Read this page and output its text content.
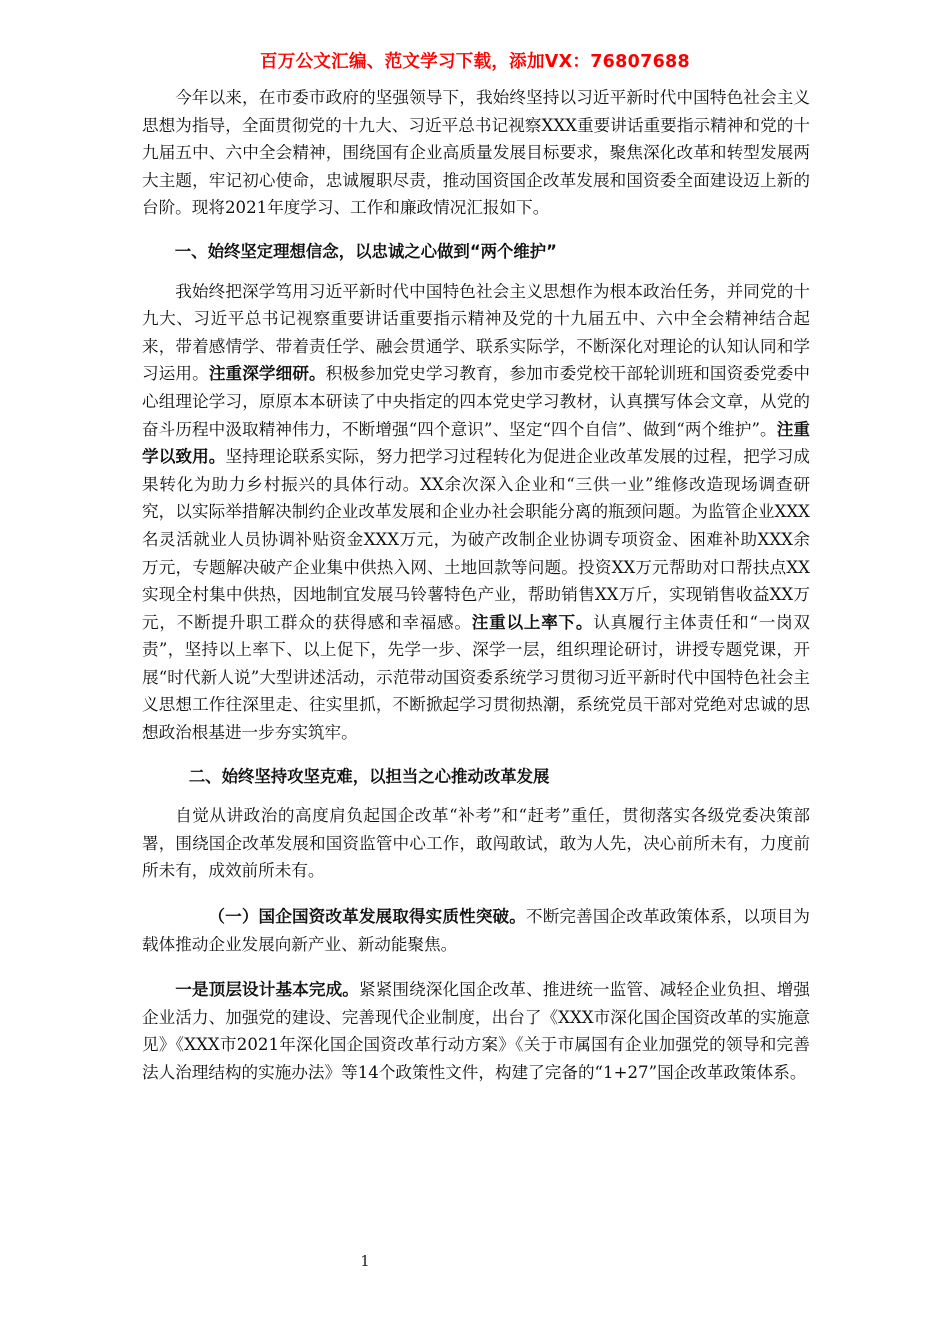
百万公文汇编、范文学习下载，添加VX：76807688

今年以来，在市委市政府的坚强领导下，我始终坚持以习近平新时代中国特色社会主义思想为指导，全面贯彻党的十九大、习近平总书记视察XXX重要讲话重要指示精神和党的十九届五中、六中全会精神，围绕国有企业高质量发展目标要求，聚焦深化改革和转型发展两大主题，牢记初心使命，忠诚履职尽责，推动国资国企改革发展和国资委全面建设迈上新的台阶。现将2021年度学习、工作和廉政情况汇报如下。

一、始终坚定理想信念，以忠诚之心做到“两个维护”

我始终把深学笃用习近平新时代中国特色社会主义思想作为根本政治任务，并同党的十九大、习近平总书记视察重要讲话重要指示精神及党的十九届五中、六中全会精神结合起来，带着感情学、带着责任学、融会贯通学、联系实际学，不断深化对理论的认知认同和学习运用。注重深学细研。积极参加党史学习教育，参加市委党校干部轮训班和国资委党委中心组理论学习，原原本本研读了中央指定的四本党史学习教材，认真撰写体会文章，从党的奋斗历程中汲取精神伟力，不断增强“四个意识”、坚定“四个自信”、做到“两个维护”。注重学以致用。坚持理论联系实际，努力把学习过程转化为促进企业改革发展的过程，把学习成果转化为助力乡村振兴的具体行动。XX余次深入企业和“三供一业”维修改造现场调查研究，以实际举措解决制约企业改革发展和企业办社会职能分离的瓶颈问题。为监管企业XXX名灵活就业人员协调补贴资金XXX万元，为破产改制企业协调专项资金、困难补助XXX余万元，专题解决破产企业集中供热入网、土地回款等问题。投资XX万元帮助对口帮扶点XX实现全村集中供热，因地制宜发展马铃薯特色产业，帮助销售XX万斤，实现销售收益XX万元，不断提升职工群众的获得感和幸福感。注重以上率下。认真履行主体责任和“一岗双责”，坚持以上率下、以上促下，先学一步、深学一层，组织理论研讨，讲授专题党课，开展“时代新人说”大型讲述活动，示范带动国资委系统学习贯彻习近平新时代中国特色社会主义思想工作往深里走、往实里抓，不断掀起学习贯彻热潮，系统党员干部对党绝对忠诚的思想政治根基进一步夯实筑牢。

二、始终坚持攻坚克难，以担当之心推动改革发展

自觉从讲政治的高度肩负起国企改革“补考”和“赶考”重任，贯彻落实各级党委决策部署，围绕国企改革发展和国资监管中心工作，敢闯敢试，敢为人先，决心前所未有，力度前所未有，成效前所未有。

（一）国企国资改革发展取得实质性突破。不断完善国企改革政策体系，以项目为载体推动企业发展向新产业、新动能聚焦。

一是顶层设计基本完成。紧紧围绕深化国企改革、推进统一监管、减轻企业负担、增强企业活力、加强党的建设、完善现代企业制度，出台了《XXX市深化国企国资改革的实施意见》《XXX市2021年深化国企国资改革行动方案》《关于市属国有企业加强党的领导和完善法人治理结构的实施办法》等14个政策性文件，构建了完备的“1+27”国企改革政策体系。

1
